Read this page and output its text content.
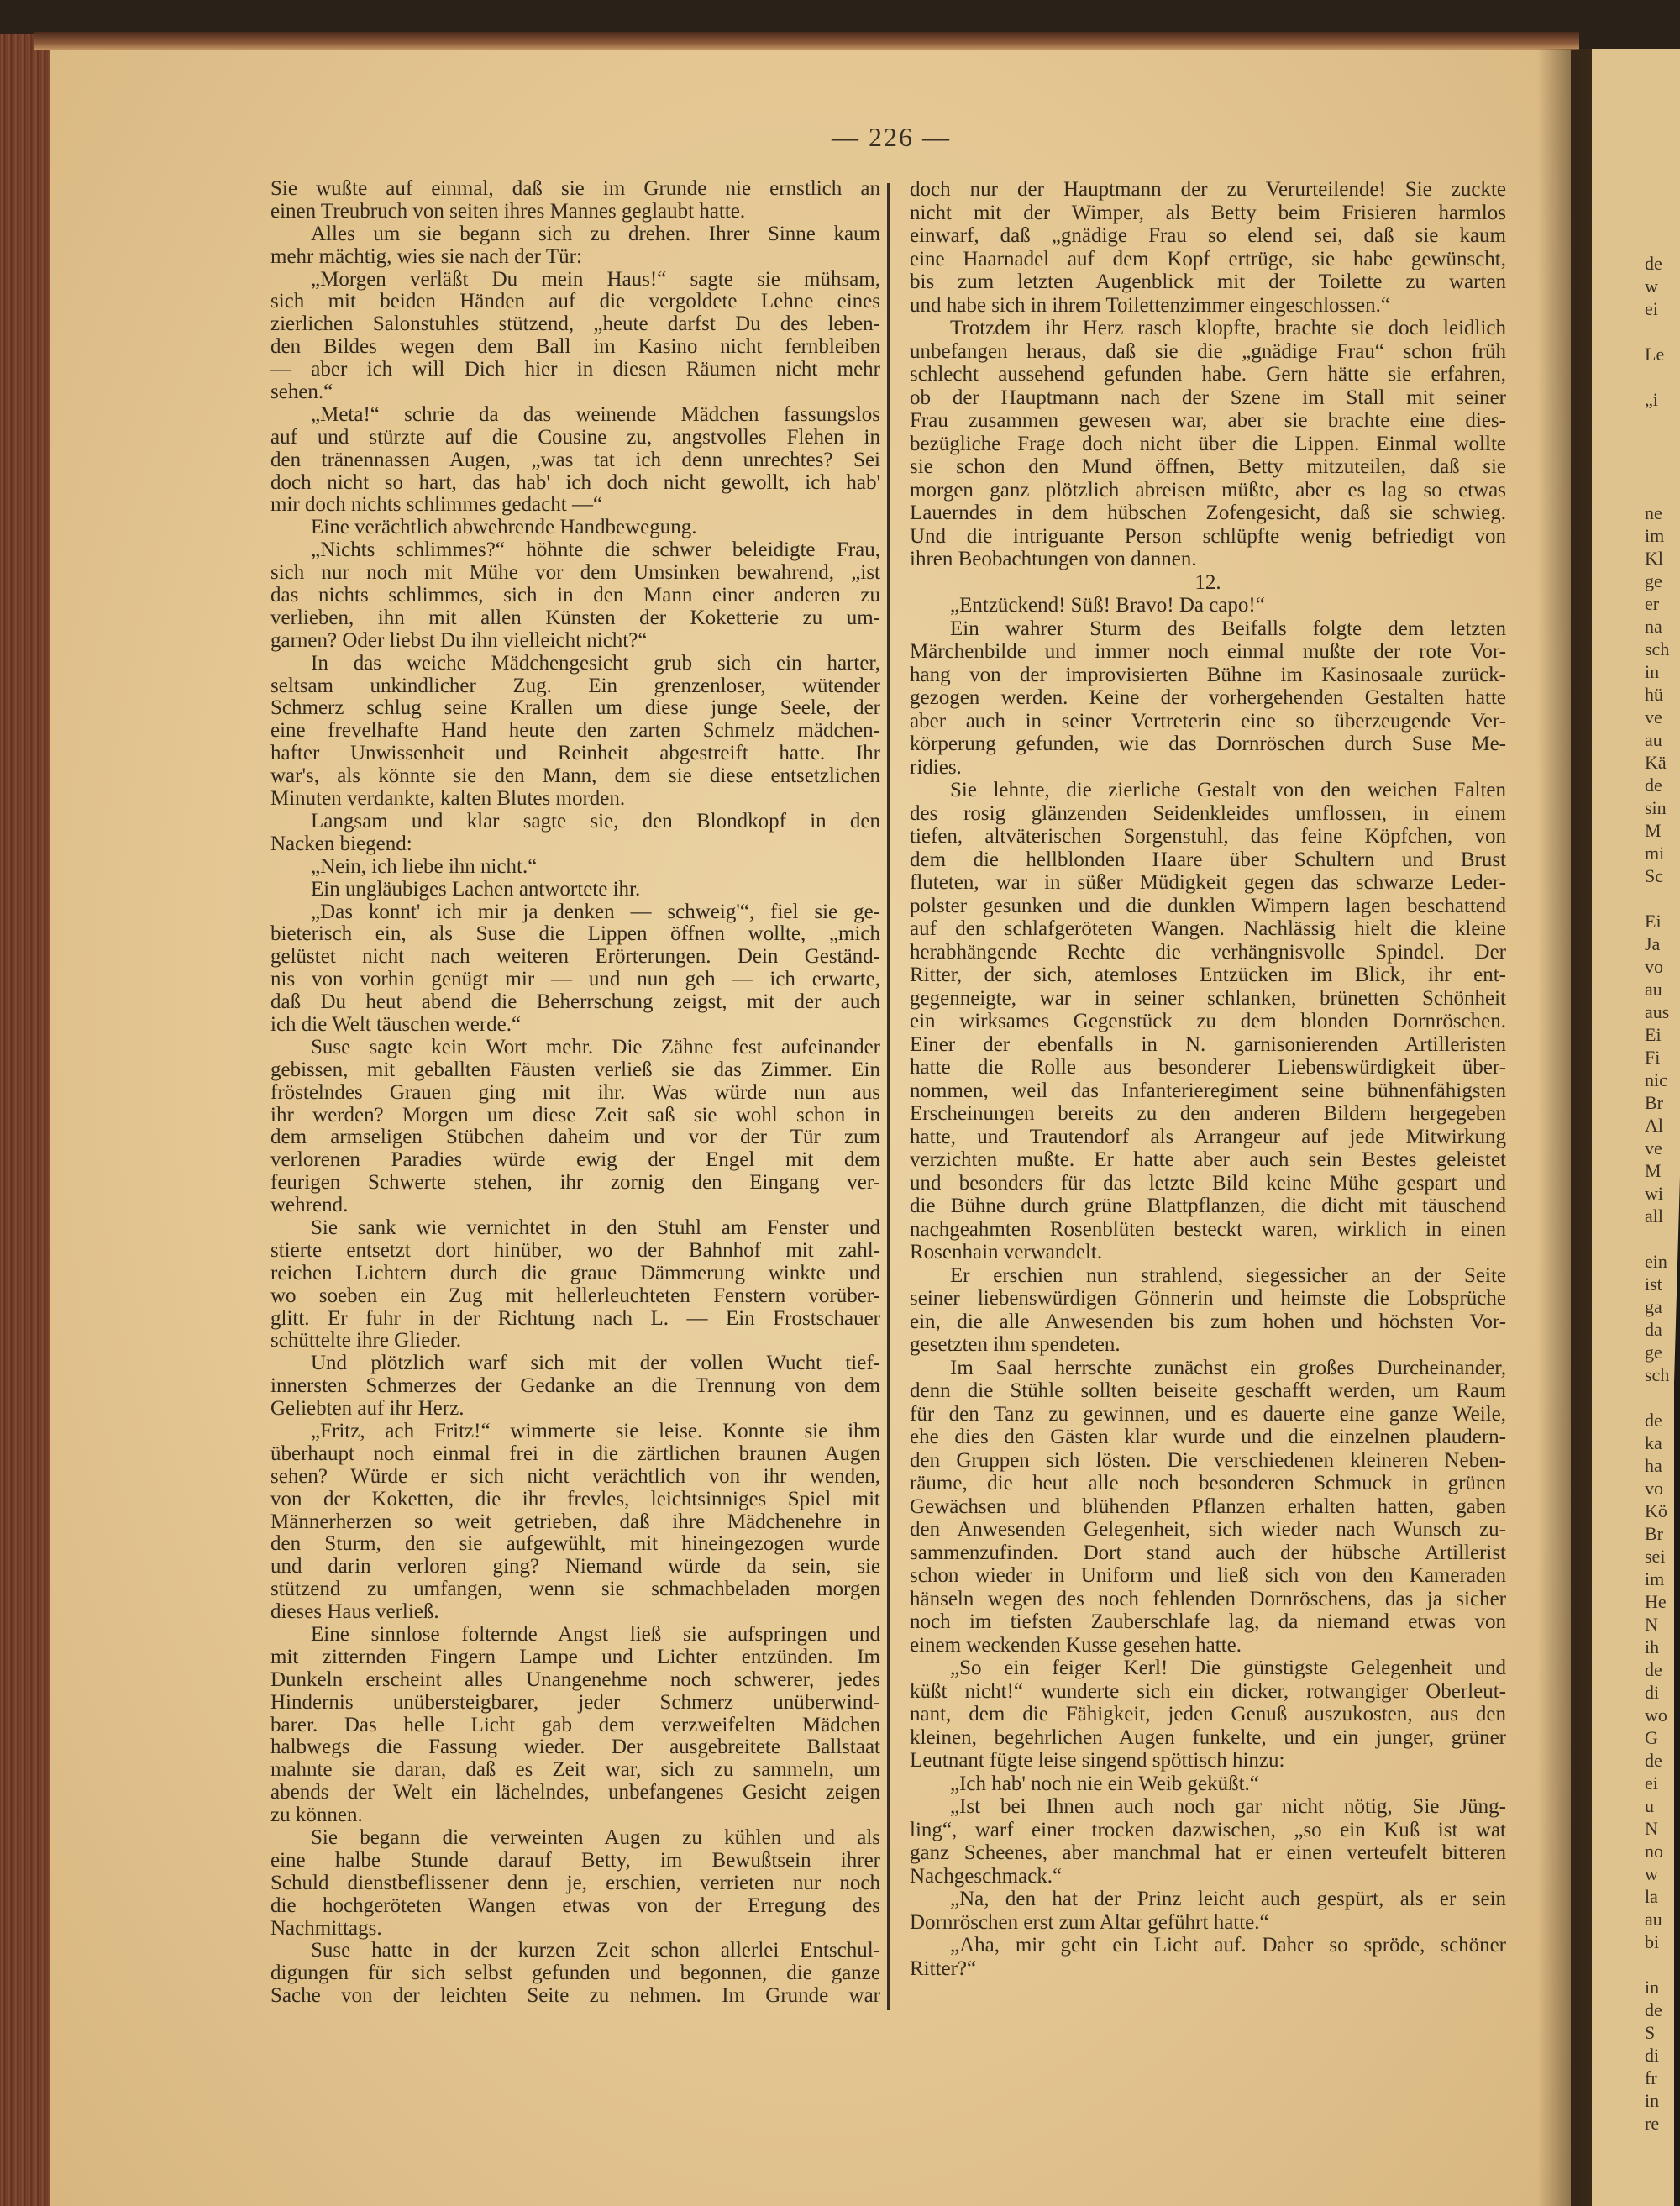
de
w
ei
Le
„i
ne
im
Kl
ge
er
na
sch
in
hü
ve
au
Kä
de
sin
M
mi
Sc
Ei
Ja
vo
au
aus
Ei
Fi
nic
Br
Al
ve
M
wi
all
ein
ist
ga
da
ge
sch
de
ka
ha
vo
Kö
Br
sei
im
He
N
ih
de
di
wo
G
de
ei
u
N
no
w
la
au
bi
in
de
S
di
fr
in
re
— 226 —
Sie wußte auf einmal, daß sie im Grunde nie ernstlich an
einen Treubruch von seiten ihres Mannes geglaubt hatte.
Alles um sie begann sich zu drehen. Ihrer Sinne kaum
mehr mächtig, wies sie nach der Tür:
„Morgen verläßt Du mein Haus!“ sagte sie mühsam,
sich mit beiden Händen auf die vergoldete Lehne eines
zierlichen Salonstuhles stützend, „heute darfst Du des leben-
den Bildes wegen dem Ball im Kasino nicht fernbleiben
— aber ich will Dich hier in diesen Räumen nicht mehr
sehen.“
„Meta!“ schrie da das weinende Mädchen fassungslos
auf und stürzte auf die Cousine zu, angstvolles Flehen in
den tränennassen Augen, „was tat ich denn unrechtes? Sei
doch nicht so hart, das hab' ich doch nicht gewollt, ich hab'
mir doch nichts schlimmes gedacht —“
Eine verächtlich abwehrende Handbewegung.
„Nichts schlimmes?“ höhnte die schwer beleidigte Frau,
sich nur noch mit Mühe vor dem Umsinken bewahrend, „ist
das nichts schlimmes, sich in den Mann einer anderen zu
verlieben, ihn mit allen Künsten der Koketterie zu um-
garnen? Oder liebst Du ihn vielleicht nicht?“
In das weiche Mädchengesicht grub sich ein harter,
seltsam unkindlicher Zug. Ein grenzenloser, wütender
Schmerz schlug seine Krallen um diese junge Seele, der
eine frevelhafte Hand heute den zarten Schmelz mädchen-
hafter Unwissenheit und Reinheit abgestreift hatte. Ihr
war's, als könnte sie den Mann, dem sie diese entsetzlichen
Minuten verdankte, kalten Blutes morden.
Langsam und klar sagte sie, den Blondkopf in den
Nacken biegend:
„Nein, ich liebe ihn nicht.“
Ein ungläubiges Lachen antwortete ihr.
„Das konnt' ich mir ja denken — schweig'“, fiel sie ge-
bieterisch ein, als Suse die Lippen öffnen wollte, „mich
gelüstet nicht nach weiteren Erörterungen. Dein Geständ-
nis von vorhin genügt mir — und nun geh — ich erwarte,
daß Du heut abend die Beherrschung zeigst, mit der auch
ich die Welt täuschen werde.“
Suse sagte kein Wort mehr. Die Zähne fest aufeinander
gebissen, mit geballten Fäusten verließ sie das Zimmer. Ein
fröstelndes Grauen ging mit ihr. Was würde nun aus
ihr werden? Morgen um diese Zeit saß sie wohl schon in
dem armseligen Stübchen daheim und vor der Tür zum
verlorenen Paradies würde ewig der Engel mit dem
feurigen Schwerte stehen, ihr zornig den Eingang ver-
wehrend.
Sie sank wie vernichtet in den Stuhl am Fenster und
stierte entsetzt dort hinüber, wo der Bahnhof mit zahl-
reichen Lichtern durch die graue Dämmerung winkte und
wo soeben ein Zug mit hellerleuchteten Fenstern vorüber-
glitt. Er fuhr in der Richtung nach L. — Ein Frostschauer
schüttelte ihre Glieder.
Und plötzlich warf sich mit der vollen Wucht tief-
innersten Schmerzes der Gedanke an die Trennung von dem
Geliebten auf ihr Herz.
„Fritz, ach Fritz!“ wimmerte sie leise. Konnte sie ihm
überhaupt noch einmal frei in die zärtlichen braunen Augen
sehen? Würde er sich nicht verächtlich von ihr wenden,
von der Koketten, die ihr frevles, leichtsinniges Spiel mit
Männerherzen so weit getrieben, daß ihre Mädchenehre in
den Sturm, den sie aufgewühlt, mit hineingezogen wurde
und darin verloren ging? Niemand würde da sein, sie
stützend zu umfangen, wenn sie schmachbeladen morgen
dieses Haus verließ.
Eine sinnlose folternde Angst ließ sie aufspringen und
mit zitternden Fingern Lampe und Lichter entzünden. Im
Dunkeln erscheint alles Unangenehme noch schwerer, jedes
Hindernis unübersteigbarer, jeder Schmerz unüberwind-
barer. Das helle Licht gab dem verzweifelten Mädchen
halbwegs die Fassung wieder. Der ausgebreitete Ballstaat
mahnte sie daran, daß es Zeit war, sich zu sammeln, um
abends der Welt ein lächelndes, unbefangenes Gesicht zeigen
zu können.
Sie begann die verweinten Augen zu kühlen und als
eine halbe Stunde darauf Betty, im Bewußtsein ihrer
Schuld dienstbeflissener denn je, erschien, verrieten nur noch
die hochgeröteten Wangen etwas von der Erregung des
Nachmittags.
Suse hatte in der kurzen Zeit schon allerlei Entschul-
digungen für sich selbst gefunden und begonnen, die ganze
Sache von der leichten Seite zu nehmen. Im Grunde war
doch nur der Hauptmann der zu Verurteilende! Sie zuckte
nicht mit der Wimper, als Betty beim Frisieren harmlos
einwarf, daß „gnädige Frau so elend sei, daß sie kaum
eine Haarnadel auf dem Kopf ertrüge, sie habe gewünscht,
bis zum letzten Augenblick mit der Toilette zu warten
und habe sich in ihrem Toilettenzimmer eingeschlossen.“
Trotzdem ihr Herz rasch klopfte, brachte sie doch leidlich
unbefangen heraus, daß sie die „gnädige Frau“ schon früh
schlecht aussehend gefunden habe. Gern hätte sie erfahren,
ob der Hauptmann nach der Szene im Stall mit seiner
Frau zusammen gewesen war, aber sie brachte eine dies-
bezügliche Frage doch nicht über die Lippen. Einmal wollte
sie schon den Mund öffnen, Betty mitzuteilen, daß sie
morgen ganz plötzlich abreisen müßte, aber es lag so etwas
Lauerndes in dem hübschen Zofengesicht, daß sie schwieg.
Und die intriguante Person schlüpfte wenig befriedigt von
ihren Beobachtungen von dannen.
12.
„Entzückend! Süß! Bravo! Da capo!“
Ein wahrer Sturm des Beifalls folgte dem letzten
Märchenbilde und immer noch einmal mußte der rote Vor-
hang von der improvisierten Bühne im Kasinosaale zurück-
gezogen werden. Keine der vorhergehenden Gestalten hatte
aber auch in seiner Vertreterin eine so überzeugende Ver-
körperung gefunden, wie das Dornröschen durch Suse Me-
ridies.
Sie lehnte, die zierliche Gestalt von den weichen Falten
des rosig glänzenden Seidenkleides umflossen, in einem
tiefen, altväterischen Sorgenstuhl, das feine Köpfchen, von
dem die hellblonden Haare über Schultern und Brust
fluteten, war in süßer Müdigkeit gegen das schwarze Leder-
polster gesunken und die dunklen Wimpern lagen beschattend
auf den schlafgeröteten Wangen. Nachlässig hielt die kleine
herabhängende Rechte die verhängnisvolle Spindel. Der
Ritter, der sich, atemloses Entzücken im Blick, ihr ent-
gegenneigte, war in seiner schlanken, brünetten Schönheit
ein wirksames Gegenstück zu dem blonden Dornröschen.
Einer der ebenfalls in N. garnisonierenden Artilleristen
hatte die Rolle aus besonderer Liebenswürdigkeit über-
nommen, weil das Infanterieregiment seine bühnenfähigsten
Erscheinungen bereits zu den anderen Bildern hergegeben
hatte, und Trautendorf als Arrangeur auf jede Mitwirkung
verzichten mußte. Er hatte aber auch sein Bestes geleistet
und besonders für das letzte Bild keine Mühe gespart und
die Bühne durch grüne Blattpflanzen, die dicht mit täuschend
nachgeahmten Rosenblüten besteckt waren, wirklich in einen
Rosenhain verwandelt.
Er erschien nun strahlend, siegessicher an der Seite
seiner liebenswürdigen Gönnerin und heimste die Lobsprüche
ein, die alle Anwesenden bis zum hohen und höchsten Vor-
gesetzten ihm spendeten.
Im Saal herrschte zunächst ein großes Durcheinander,
denn die Stühle sollten beiseite geschafft werden, um Raum
für den Tanz zu gewinnen, und es dauerte eine ganze Weile,
ehe dies den Gästen klar wurde und die einzelnen plaudern-
den Gruppen sich lösten. Die verschiedenen kleineren Neben-
räume, die heut alle noch besonderen Schmuck in grünen
Gewächsen und blühenden Pflanzen erhalten hatten, gaben
den Anwesenden Gelegenheit, sich wieder nach Wunsch zu-
sammenzufinden. Dort stand auch der hübsche Artillerist
schon wieder in Uniform und ließ sich von den Kameraden
hänseln wegen des noch fehlenden Dornröschens, das ja sicher
noch im tiefsten Zauberschlafe lag, da niemand etwas von
einem weckenden Kusse gesehen hatte.
„So ein feiger Kerl! Die günstigste Gelegenheit und
küßt nicht!“ wunderte sich ein dicker, rotwangiger Oberleut-
nant, dem die Fähigkeit, jeden Genuß auszukosten, aus den
kleinen, begehrlichen Augen funkelte, und ein junger, grüner
Leutnant fügte leise singend spöttisch hinzu:
„Ich hab' noch nie ein Weib geküßt.“
„Ist bei Ihnen auch noch gar nicht nötig, Sie Jüng-
ling“, warf einer trocken dazwischen, „so ein Kuß ist wat
ganz Scheenes, aber manchmal hat er einen verteufelt bitteren
Nachgeschmack.“
„Na, den hat der Prinz leicht auch gespürt, als er sein
Dornröschen erst zum Altar geführt hatte.“
„Aha, mir geht ein Licht auf. Daher so spröde, schöner
Ritter?“
